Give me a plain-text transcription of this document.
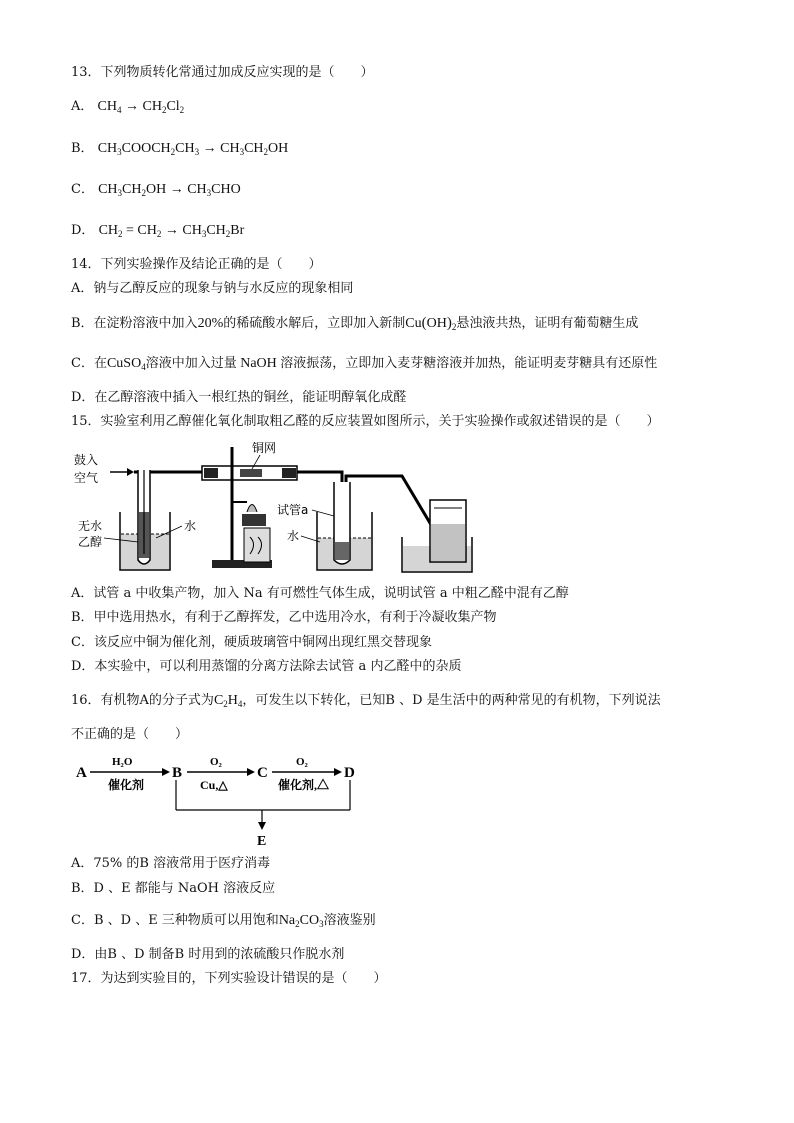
13．下列物质转化常通过加成反应实现的是（　　）
A． $CH_4 \to CH_2Cl_2$
B． $CH_3COOCH_2CH_3 \to CH_3CH_2OH$
C． $CH_3CH_2OH \to CH_3CHO$
D． $CH_2 = CH_2 \to CH_3CH_2Br$
14．下列实验操作及结论正确的是（　　）
A．钠与乙醇反应的现象与钠与水反应的现象相同
B．在淀粉溶液中加入20%的稀硫酸水解后，立即加入新制$Cu(OH)_2$悬浊液共热，证明有葡萄糖生成
C．在CuSO$_4$溶液中加入过量 NaOH 溶液振荡，立即加入麦芽糖溶液并加热，能证明麦芽糖具有还原性
D．在乙醇溶液中插入一根红热的铜丝，能证明醇氧化成醛
15．实验室利用乙醇催化氧化制取粗乙醛的反应装置如图所示，关于实验操作或叙述错误的是（　　）
鼓入
空气
无水
乙醇
水
铜网
试管a
水
A．试管 a 中收集产物，加入 Na 有可燃性气体生成，说明试管 a 中粗乙醛中混有乙醇
B．甲中选用热水，有利于乙醇挥发，乙中选用冷水，有利于冷凝收集产物
C．该反应中铜为催化剂，硬质玻璃管中铜网出现红黑交替现象
D．本实验中，可以利用蒸馏的分离方法除去试管 a 内乙醛中的杂质
16．有机物A的分子式为$C_2H_4$，可发生以下转化，已知B 、D 是生活中的两种常见的有机物，下列说法
不正确的是（　　）
A
H₂O
催化剂
B
O₂
Cu,△
C
O₂
催化剂,△
D
E
A．75% 的B 溶液常用于医疗消毒
B．D 、E 都能与 NaOH 溶液反应
C．B 、D 、E 三种物质可以用饱和$Na_2CO_3$溶液鉴别
D．由B 、D 制备B 时用到的浓硫酸只作脱水剂
17．为达到实验目的，下列实验设计错误的是（　　）
